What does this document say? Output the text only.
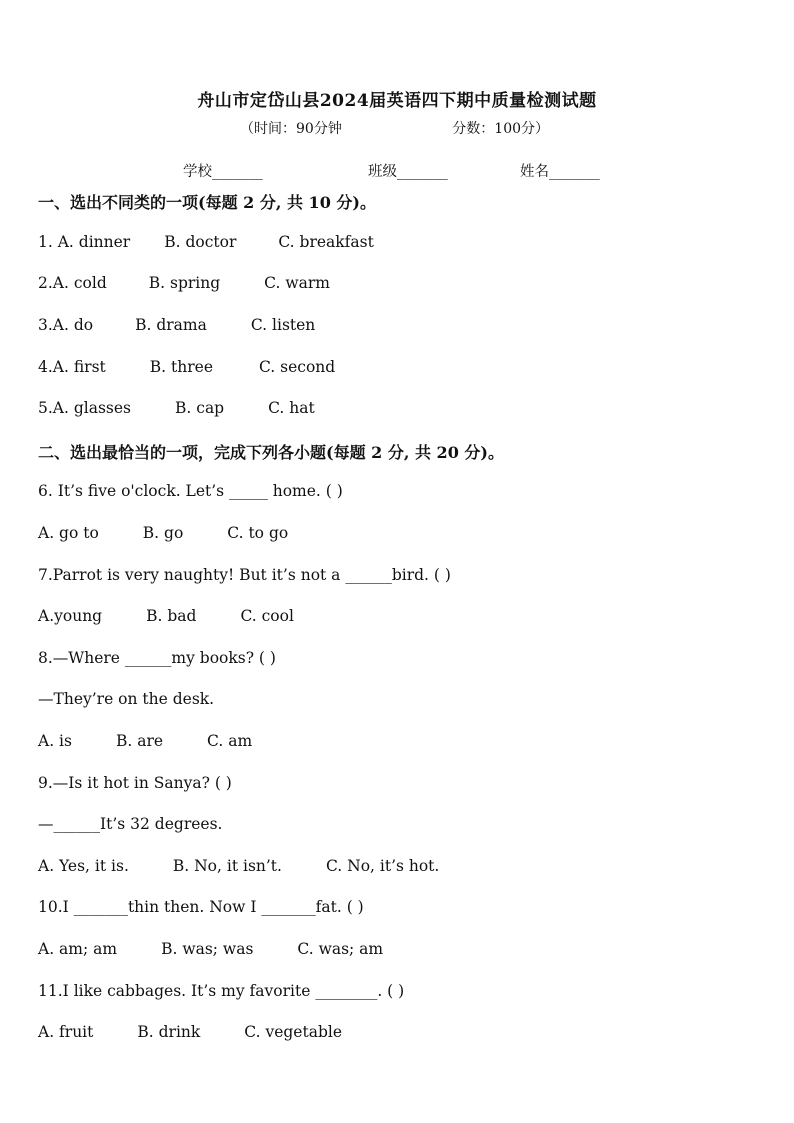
舟山市定岱山县2024届英语四下期中质量检测试题
（时间：90分钟	分数：100分）
学校_______	班级_______	姓名_______
一、选出不同类的一项(每题 2 分, 共 10 分)。
1. A. dinner B. doctor	C. breakfast
2.A. cold	B. spring	C. warm
3.A. do	B. drama	C. listen
4.A. first	B. three	C. second
5.A. glasses	B. cap	C. hat
二、选出最恰当的一项，完成下列各小题(每题 2 分, 共 20 分)。
6. It’s five o'clock. Let’s _____ home. ( )
A. go to	B. go	C. to go
7.Parrot is very naughty! But it’s not a ______bird. ( )
A.young	B. bad	C. cool
8.—Where ______my books? ( )
—They’re on the desk.
A. is	B. are	C. am
9.—Is it hot in Sanya? ( )
—______It’s 32 degrees.
A. Yes, it is.	B. No, it isn’t.	C. No, it’s hot.
10.I _______thin then. Now I _______fat. ( )
A. am; am	B. was; was	C. was; am
11.I like cabbages. It’s my favorite ________. ( )
A. fruit	B. drink	C. vegetable
